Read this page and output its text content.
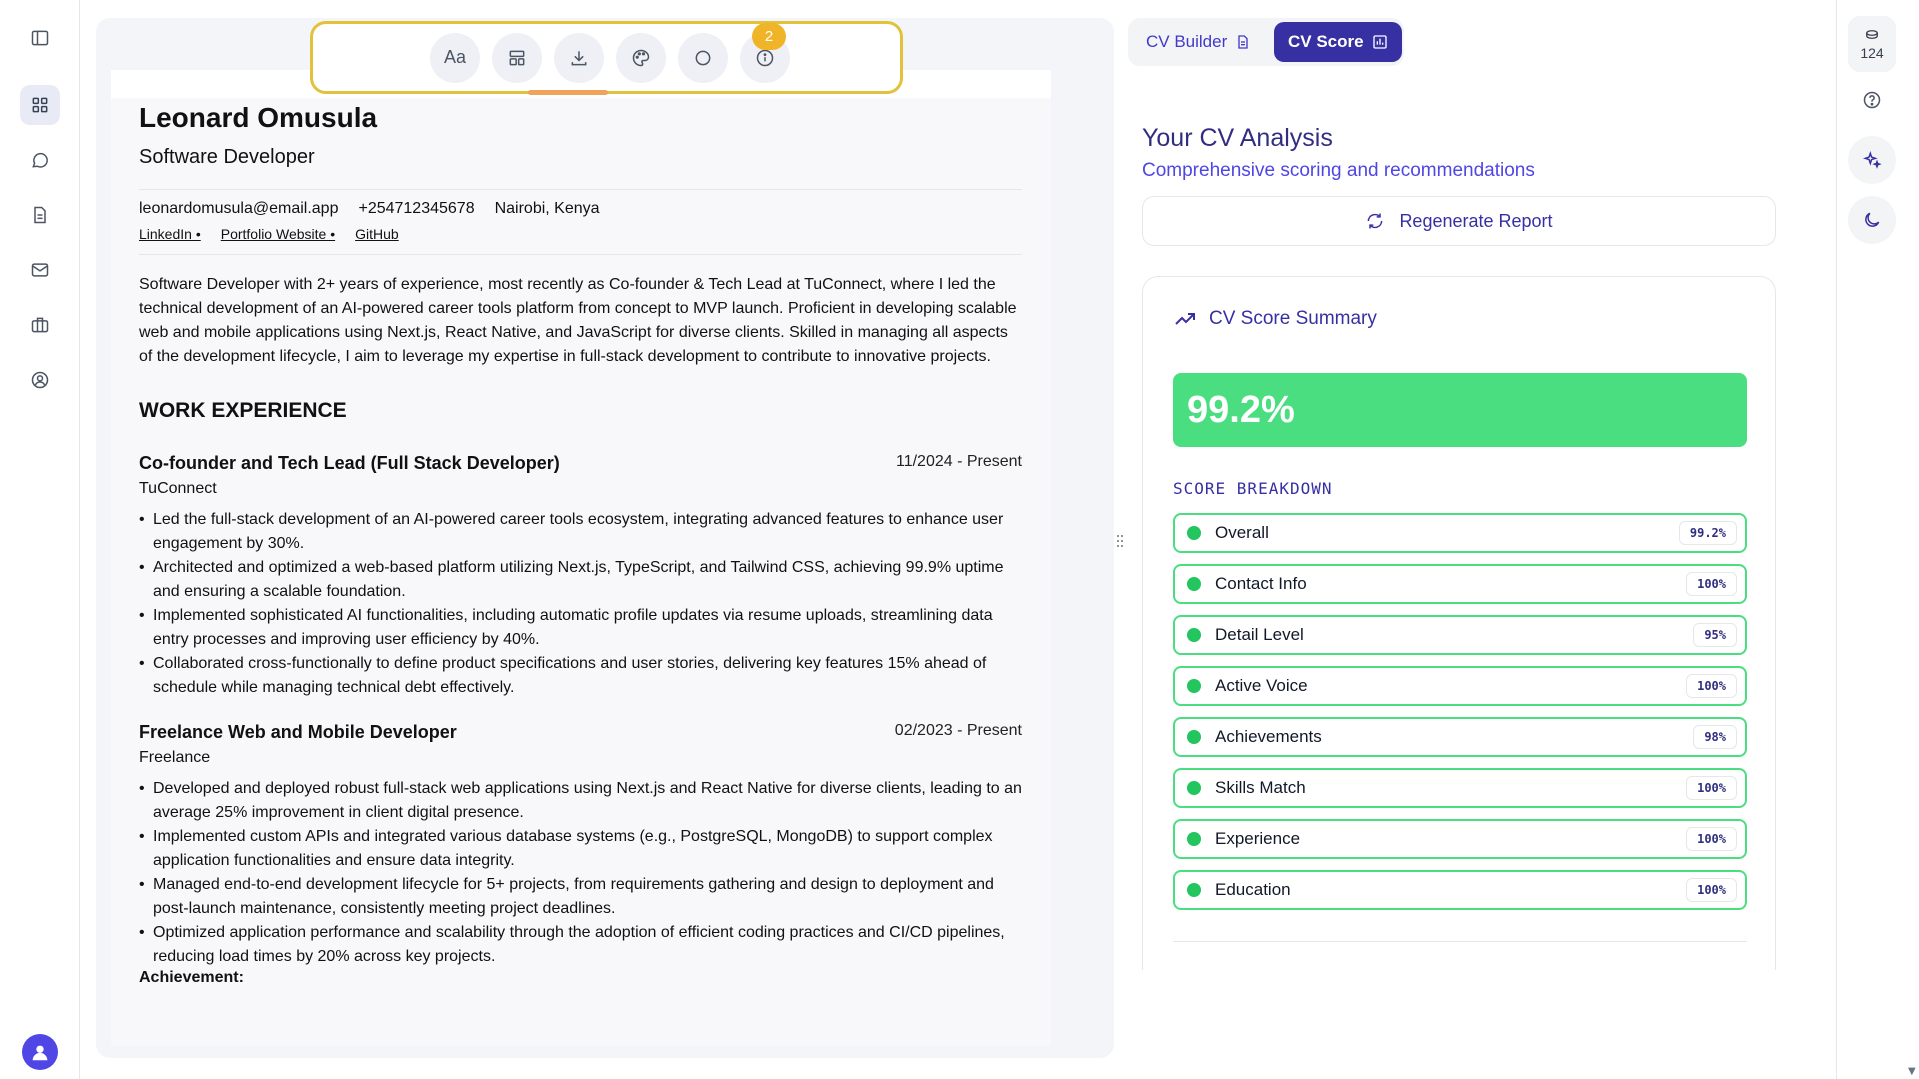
Leonard Omusula
Software Developer
leonardomusula@email.app +254712345678 Nairobi, Kenya
LinkedIn • Portfolio Website • GitHub
Software Developer with 2+ years of experience, most recently as Co-founder & Tech Lead at TuConnect, where I led the technical development of an AI-powered career tools platform from concept to MVP launch. Proficient in developing scalable web and mobile applications using Next.js, React Native, and JavaScript for diverse clients. Skilled in managing all aspects of the development lifecycle, I aim to leverage my expertise in full-stack development to contribute to innovative projects.
WORK EXPERIENCE
Co-founder and Tech Lead (Full Stack Developer)	11/2024 - Present
TuConnect
• Led the full-stack development of an AI-powered career tools ecosystem, integrating advanced features to enhance user engagement by 30%.
• Architected and optimized a web-based platform utilizing Next.js, TypeScript, and Tailwind CSS, achieving 99.9% uptime and ensuring a scalable foundation.
• Implemented sophisticated AI functionalities, including automatic profile updates via resume uploads, streamlining data entry processes and improving user efficiency by 40%.
• Collaborated cross-functionally to define product specifications and user stories, delivering key features 15% ahead of schedule while managing technical debt effectively.
Freelance Web and Mobile Developer	02/2023 - Present
Freelance
• Developed and deployed robust full-stack web applications using Next.js and React Native for diverse clients, leading to an average 25% improvement in client digital presence.
• Implemented custom APIs and integrated various database systems (e.g., PostgreSQL, MongoDB) to support complex application functionalities and ensure data integrity.
• Managed end-to-end development lifecycle for 5+ projects, from requirements gathering and design to deployment and post-launch maintenance, consistently meeting project deadlines.
• Optimized application performance and scalability through the adoption of efficient coding practices and CI/CD pipelines, reducing load times by 20% across key projects.
Achievement:
Aa
2	CV Builder	CV Score
Your CV Analysis
Comprehensive scoring and recommendations
Regenerate Report
CV Score Summary
99.2%
SCORE BREAKDOWN
Overall	99.2%
Contact Info	100%
Detail Level	95%
Active Voice	100%
Achievements	98%
Skills Match	100%
Experience	100%
Education	100%
124
▼
